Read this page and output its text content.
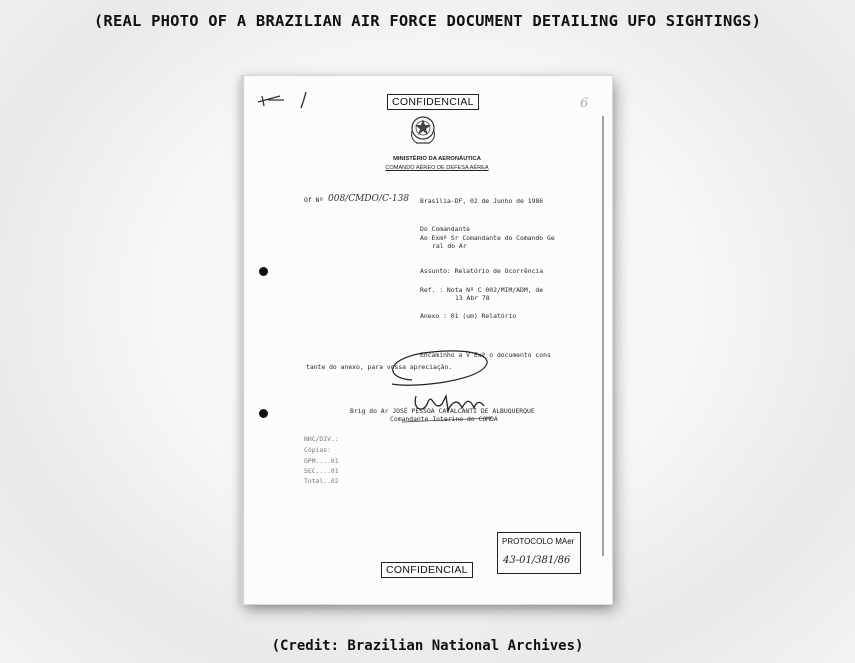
(REAL PHOTO OF A BRAZILIAN AIR FORCE DOCUMENT DETAILING UFO SIGHTINGS)
6
CONFIDENCIAL
MINISTÉRIO DA AERONÁUTICA
COMANDO AÉREO DE DEFESA AÉREA
Of Nº 008/CMDO/C-138 Brasília-DF, 02 de Junho de 1986
Do Comandante
Ao Exmº Sr Comandante do Comando Ge
ral do Ar
Assunto: Relatório de Ocorrência
Ref. : Nota Nº C 002/MIM/ADM, de
13 Abr 78
Anexo : 01 (um) Relatório
Encaminho a V Exª o documento cons
tante do anexo, para vossa apreciação.
Brig do Ar JOSÉ PESSOA CAVALCANTI DE ALBUQUERQUE
Comandante Interino do COMDA
NHC/DIV.:
Cópias:
GPM....01
SEC....01
Total..02
PROTOCOLO MAer
43-01/381/86
CONFIDENCIAL
(Credit: Brazilian National Archives)
